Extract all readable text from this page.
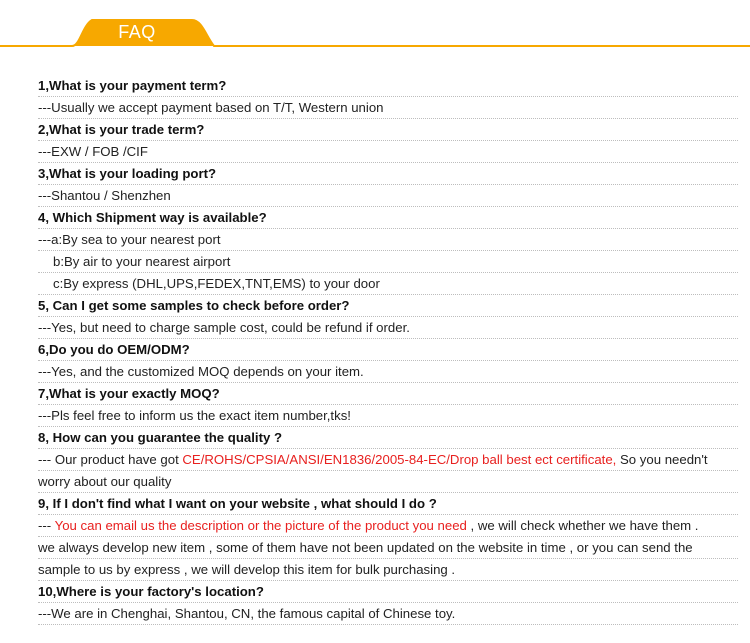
FAQ
1,What is your payment term?
---Usually we accept payment based on T/T, Western union
2,What is your trade term?
---EXW / FOB /CIF
3,What is your loading port?
---Shantou / Shenzhen
4, Which Shipment way is available?
---a:By sea to your nearest port
b:By air to your nearest airport
c:By express (DHL,UPS,FEDEX,TNT,EMS) to your door
5, Can I get some samples to check before order?
---Yes, but need to charge sample cost, could be refund if order.
6,Do you do OEM/ODM?
---Yes, and the customized MOQ depends on your item.
7,What is your exactly MOQ?
---Pls feel free to inform us the exact item number,tks!
8, How can you guarantee the quality ?
--- Our product have got CE/ROHS/CPSIA/ANSI/EN1836/2005-84-EC/Drop ball best ect certificate, So you needn't
worry about our quality
9, If I don't find what I want on your website , what should I do ?
--- You can email us the description or the picture of the product you need , we will check whether we have them .
we always develop new item , some of them have not been updated on the website in time , or you can send the
sample to us by express , we will develop this item for bulk purchasing .
10,Where is your factory's location?
---We are in Chenghai, Shantou, CN, the famous capital of Chinese toy.
